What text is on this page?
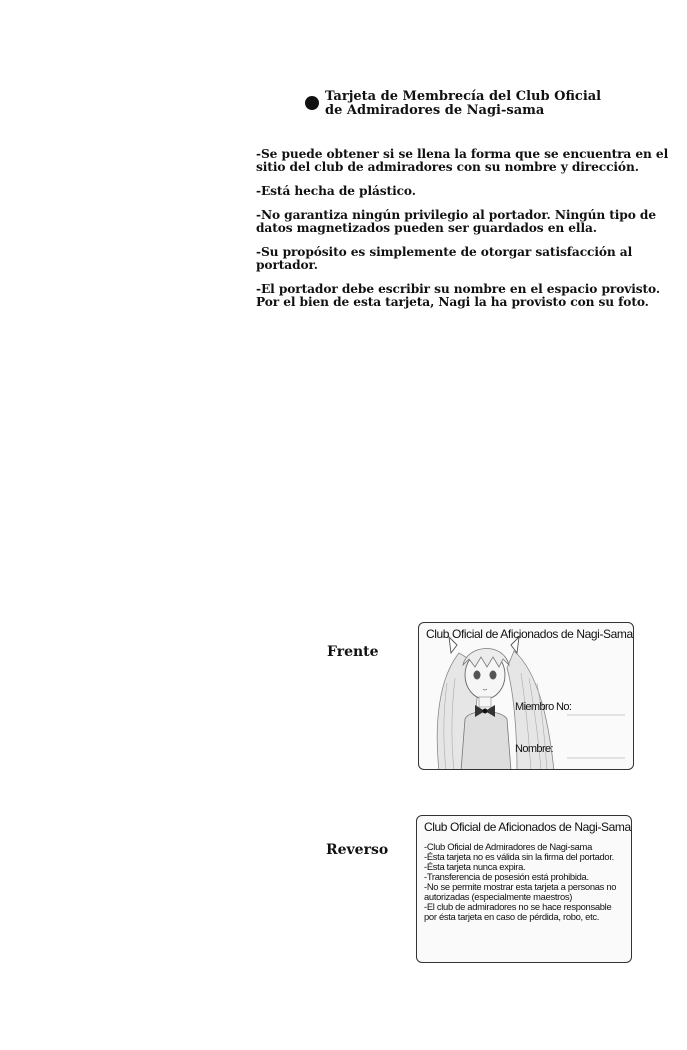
Tarjeta de Membrecía del Club Oficial de Admiradores de Nagi-sama

-Se puede obtener si se llena la forma que se encuentra en el sitio del club de admiradores con su nombre y dirección.

-Está hecha de plástico.

-No garantiza ningún privilegio al portador. Ningún tipo de datos magnetizados pueden ser guardados en ella.

-Su propósito es simplemente de otorgar satisfacción al portador.

-El portador debe escribir su nombre en el espacio provisto. Por el bien de esta tarjeta, Nagi la ha provisto con su foto.

Frente
Club Oficial de Aficionados de Nagi-Sama
Miembro No:
Nombre:
Reverso
Club Oficial de Aficionados de Nagi-Sama
-Club Oficial de Admiradores de Nagi-sama
-Ésta tarjeta no es válida sin la firma del portador.
-Ésta tarjeta nunca expira.
-Transferencia de posesión está prohibida.
-No se permite mostrar esta tarjeta a personas no autorizadas (especialmente maestros)
-El club de admiradores no se hace responsable por ésta tarjeta en caso de pérdida, robo, etc.
